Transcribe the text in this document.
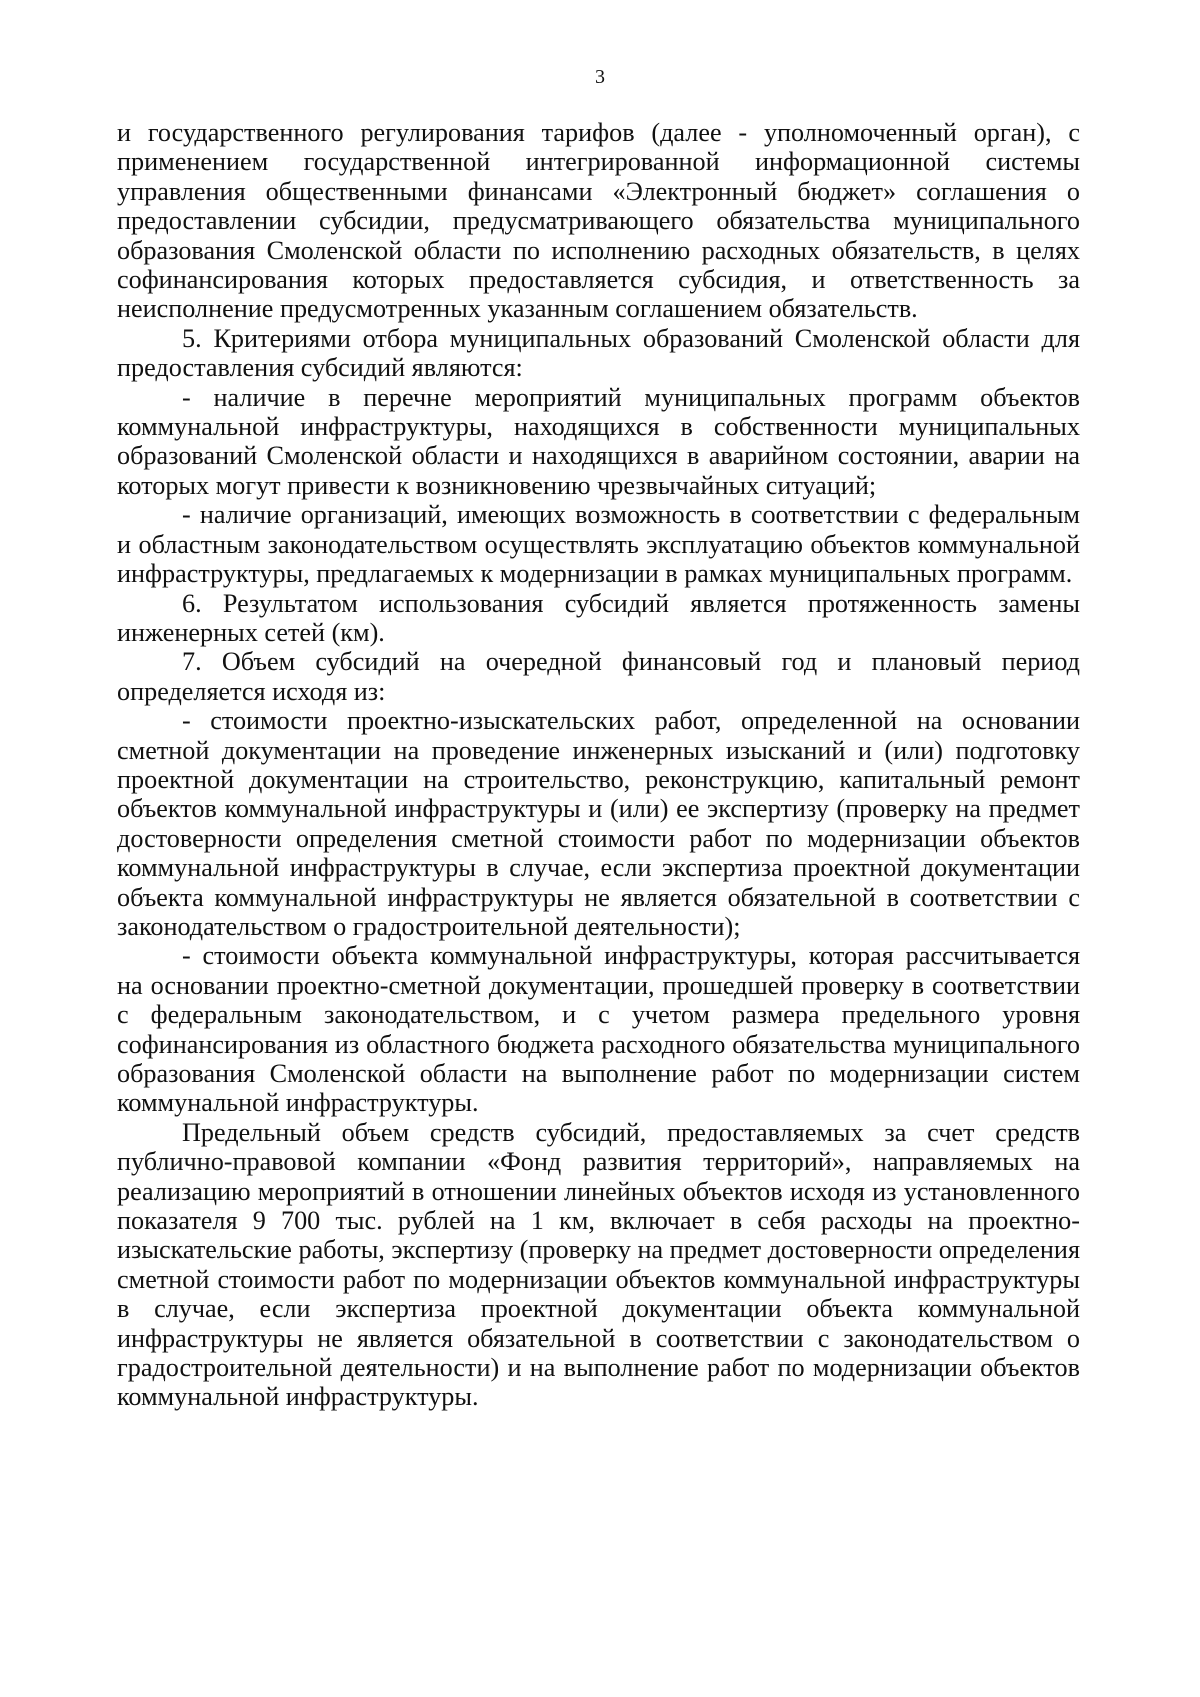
3

и государственного регулирования тарифов (далее - уполномоченный орган), с применением государственной интегрированной информационной системы управления общественными финансами «Электронный бюджет» соглашения о предоставлении субсидии, предусматривающего обязательства муниципального образования Смоленской области по исполнению расходных обязательств, в целях софинансирования которых предоставляется субсидия, и ответственность за неисполнение предусмотренных указанным соглашением обязательств.

5. Критериями отбора муниципальных образований Смоленской области для предоставления субсидий являются:

- наличие в перечне мероприятий муниципальных программ объектов коммунальной инфраструктуры, находящихся в собственности муниципальных образований Смоленской области и находящихся в аварийном состоянии, аварии на которых могут привести к возникновению чрезвычайных ситуаций;

- наличие организаций, имеющих возможность в соответствии с федеральным и областным законодательством осуществлять эксплуатацию объектов коммунальной инфраструктуры, предлагаемых к модернизации в рамках муниципальных программ.

6. Результатом использования субсидий является протяженность замены инженерных сетей (км).

7. Объем субсидий на очередной финансовый год и плановый период определяется исходя из:

- стоимости проектно-изыскательских работ, определенной на основании сметной документации на проведение инженерных изысканий и (или) подготовку проектной документации на строительство, реконструкцию, капитальный ремонт объектов коммунальной инфраструктуры и (или) ее экспертизу (проверку на предмет достоверности определения сметной стоимости работ по модернизации объектов коммунальной инфраструктуры в случае, если экспертиза проектной документации объекта коммунальной инфраструктуры не является обязательной в соответствии с законодательством о градостроительной деятельности);

- стоимости объекта коммунальной инфраструктуры, которая рассчитывается на основании проектно-сметной документации, прошедшей проверку в соответствии с федеральным законодательством, и с учетом размера предельного уровня софинансирования из областного бюджета расходного обязательства муниципального образования Смоленской области на выполнение работ по модернизации систем коммунальной инфраструктуры.

Предельный объем средств субсидий, предоставляемых за счет средств публично-правовой компании «Фонд развития территорий», направляемых на реализацию мероприятий в отношении линейных объектов исходя из установленного показателя 9 700 тыс. рублей на 1 км, включает в себя расходы на проектно-изыскательские работы, экспертизу (проверку на предмет достоверности определения сметной стоимости работ по модернизации объектов коммунальной инфраструктуры в случае, если экспертиза проектной документации объекта коммунальной инфраструктуры не является обязательной в соответствии с законодательством о градостроительной деятельности) и на выполнение работ по модернизации объектов коммунальной инфраструктуры.
